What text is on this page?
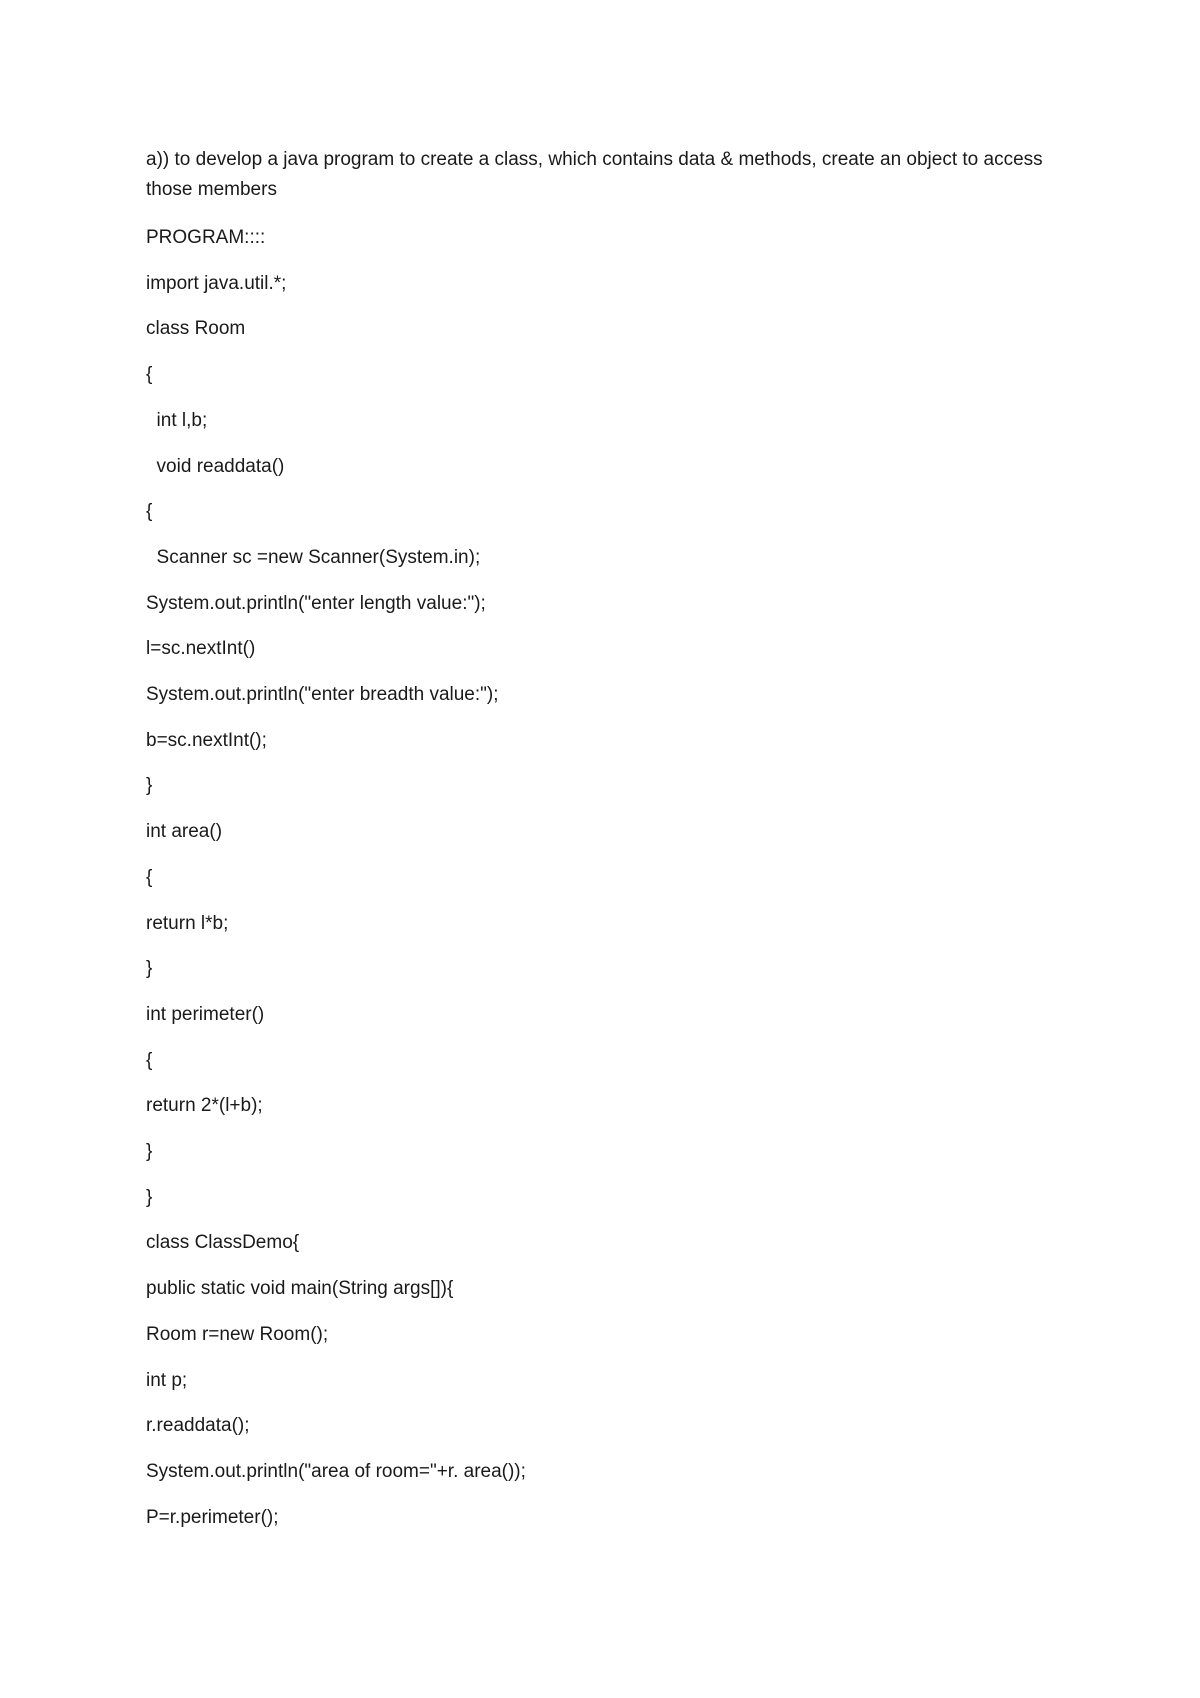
a)) to develop a java program to create a class, which contains data & methods, create an object to access those members

PROGRAM::::
import java.util.*;
class Room
{
int l,b;
void readdata()
{
Scanner sc =new Scanner(System.in);
System.out.println("enter length value:");
l=sc.nextInt()
System.out.println("enter breadth value:");
b=sc.nextInt();
}
int area()
{
return l*b;
}
int perimeter()
{
return 2*(l+b);
}
}
class ClassDemo{
public static void main(String args[]){
Room r=new Room();
int p;
r.readdata();
System.out.println("area of room="+r. area());
P=r.perimeter();
